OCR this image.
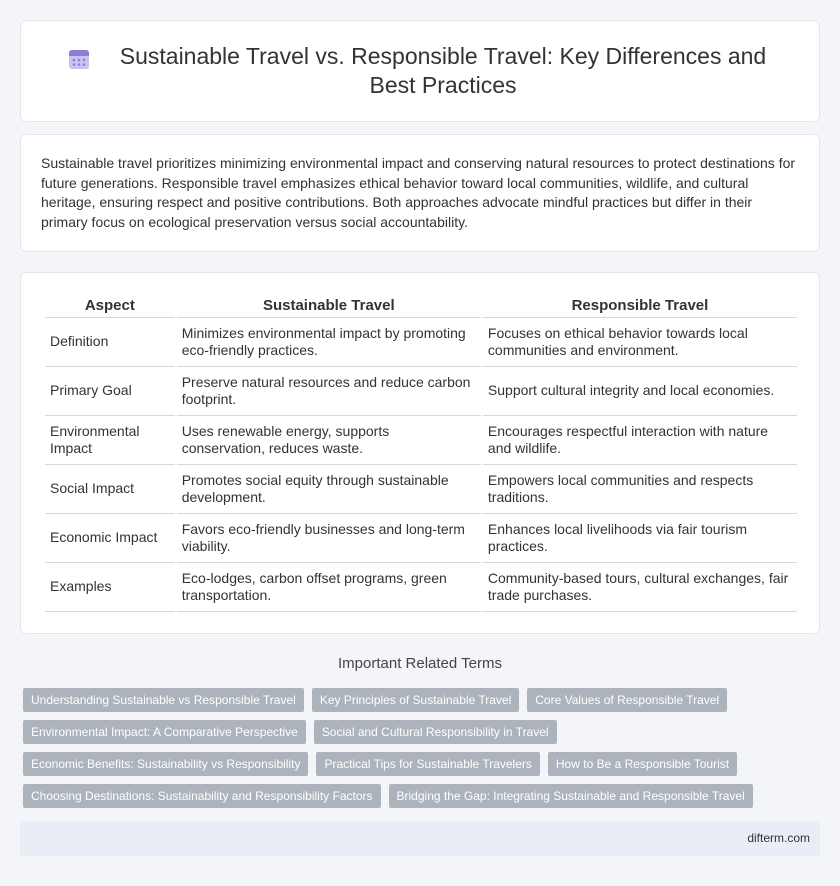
Sustainable Travel vs. Responsible Travel: Key Differences and Best Practices

Sustainable travel prioritizes minimizing environmental impact and conserving natural resources to protect destinations for future generations. Responsible travel emphasizes ethical behavior toward local communities, wildlife, and cultural heritage, ensuring respect and positive contributions. Both approaches advocate mindful practices but differ in their primary focus on ecological preservation versus social accountability.

Aspect	Sustainable Travel	Responsible Travel
Definition	Minimizes environmental impact by promoting eco-friendly practices.	Focuses on ethical behavior towards local communities and environment.
Primary Goal	Preserve natural resources and reduce carbon footprint.	Support cultural integrity and local economies.
Environmental Impact	Uses renewable energy, supports conservation, reduces waste.	Encourages respectful interaction with nature and wildlife.
Social Impact	Promotes social equity through sustainable development.	Empowers local communities and respects traditions.
Economic Impact	Favors eco-friendly businesses and long-term viability.	Enhances local livelihoods via fair tourism practices.
Examples	Eco-lodges, carbon offset programs, green transportation.	Community-based tours, cultural exchanges, fair trade purchases.
Important Related Terms
Understanding Sustainable vs Responsible Travel	Key Principles of Sustainable Travel	Core Values of Responsible Travel
Environmental Impact: A Comparative Perspective	Social and Cultural Responsibility in Travel
Economic Benefits: Sustainability vs Responsibility	Practical Tips for Sustainable Travelers	How to Be a Responsible Tourist
Choosing Destinations: Sustainability and Responsibility Factors	Bridging the Gap: Integrating Sustainable and Responsible Travel
difterm.com
